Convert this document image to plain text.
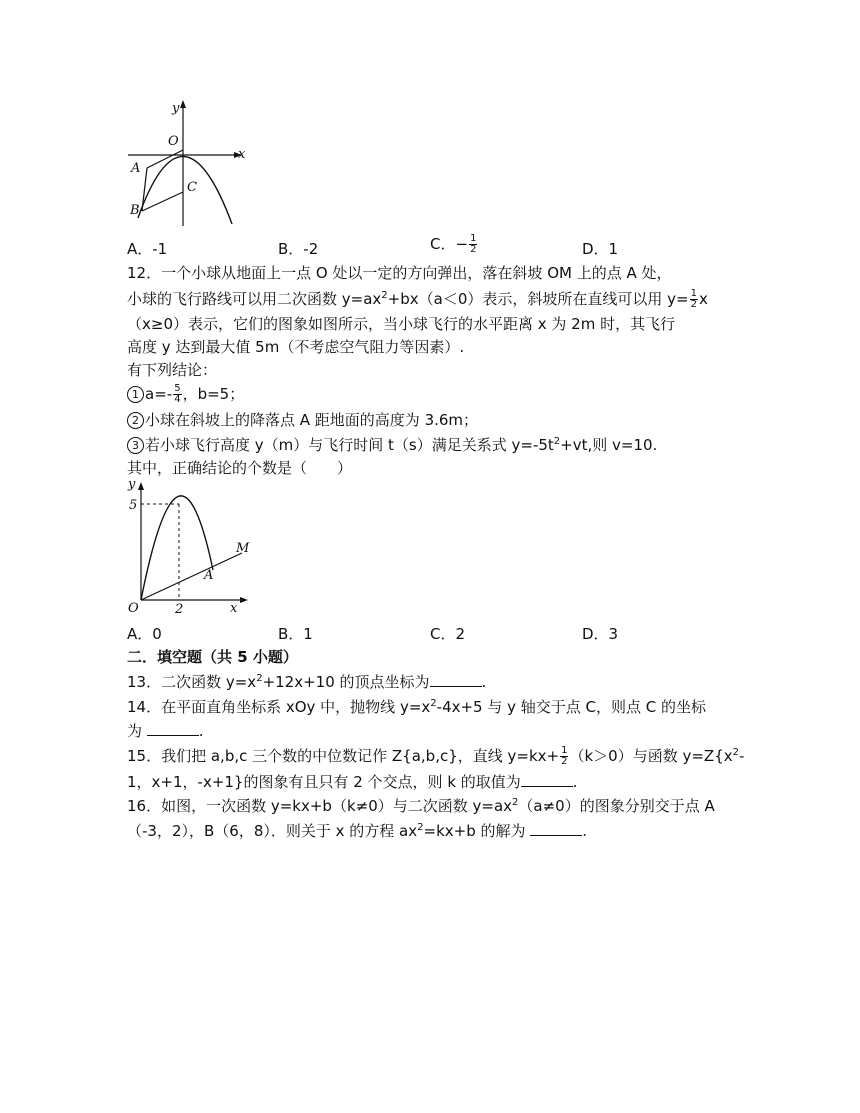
y
x
O
A
B
C
A．-1	B．-2	C．− $\frac{1}{2}$	D．1
12．一个小球从地面上一点 O 处以一定的方向弹出，落在斜坡 OM 上的点 A 处，
小球的飞行路线可以用二次函数 $y=ax^2+bx(a<0)$表示，斜坡所在直线可以用 $y= \frac{1}{2}$ x
（x≥0）表示，它们的图象如图所示，当小球飞行的水平距离 x 为 2m 时，其飞行
高度 y 达到最大值 5m（不考虑空气阻力等因素）.
有下列结论：
1 $a=- \frac{5}{4}$ ，b=5；
2 小球在斜坡上的降落点 A 距地面的高度为 3.6m；
3 若小球飞行高度 y（m）与飞行时间 t（s）满足关系式 $y=-5t^2+vt$,则 v=10.
其中，正确结论的个数是（　　）
y
5
O	2	x
M
A
A．0	B．1	C．2	D．3
二．填空题（共 5 小题）
13．二次函数 $y=x^2+12x+10$ 的顶点坐标为	.
14．在平面直角坐标系 xOy 中，抛物线 $y=x^2-4x+5$ 与 y 轴交于点 C，则点 C 的坐标
为	.
15．我们把 a,b,c 三个数的中位数记作 Z{a,b,c}，直线 $y=kx+ \frac{1}{2} (k>0)$与函数 $y=Z\{x^2-$
1，x+1，-x+1}的图象有且只有 2 个交点，则 k 的取值为	.
16．如图，一次函数 y=kx+b（k≠0）与二次函数 $y=ax^2(a\ne 0)$的图象分别交于点 A
（-3，2），B（6，8）．则关于 x 的方程 $ax^2=kx+b$ 的解为	.
